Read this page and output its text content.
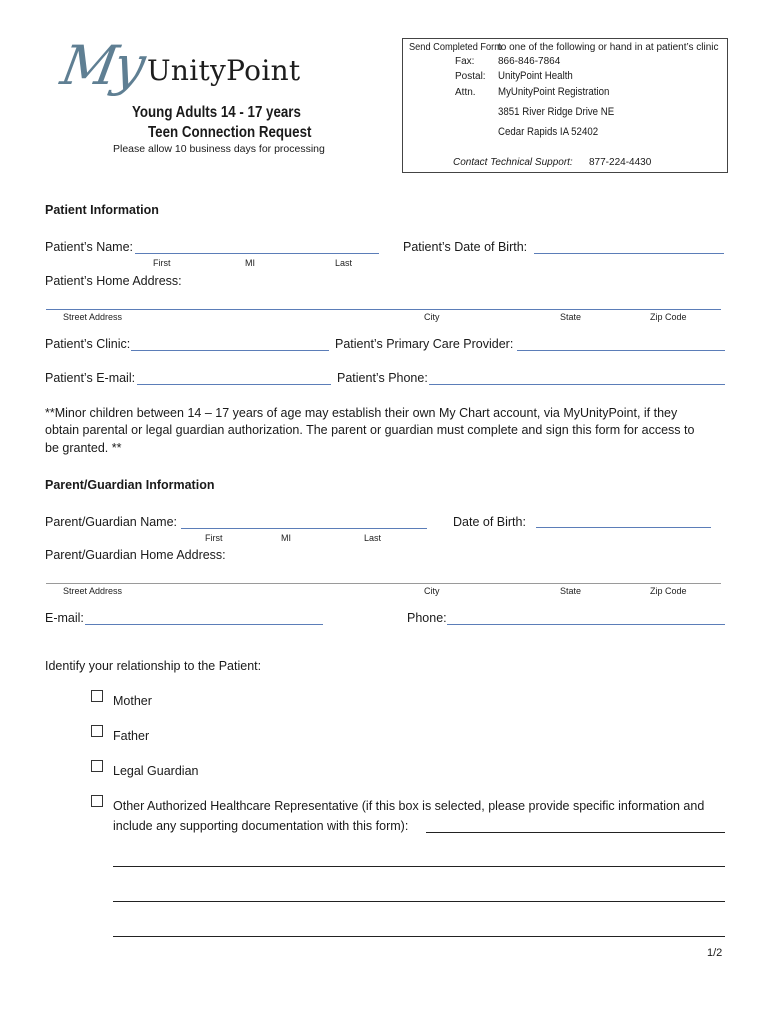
My UnityPoint
Young Adults 14 - 17 years
Teen Connection Request
Please allow 10 business days for processing
Send Completed Form
to one of the following or hand in at patient’s clinic
Fax: 866-846-7864
Postal: UnityPoint Health
Attn. MyUnityPoint Registration
3851 River Ridge Drive NE
Cedar Rapids IA 52402
Contact Technical Support: 877-224-4430
Patient Information
Patient’s Name:
First	MI	Last
Patient’s Date of Birth:
Patient’s Home Address:
Street Address	City	State	Zip Code
Patient’s Clinic:	Patient’s Primary Care Provider:
Patient’s E-mail:	Patient’s Phone:
**Minor children between 14 – 17 years of age may establish their own My Chart account, via MyUnityPoint, if they
obtain parental or legal guardian authorization. The parent or guardian must complete and sign this form for access to
be granted. **
Parent/Guardian Information
Parent/Guardian Name:
First	MI	Last
Date of Birth:
Parent/Guardian Home Address:
Street Address	City	State	Zip Code
E-mail:	Phone:
Identify your relationship to the Patient:
Mother
Father
Legal Guardian
Other Authorized Healthcare Representative (if this box is selected, please provide specific information and
include any supporting documentation with this form):
1/2
